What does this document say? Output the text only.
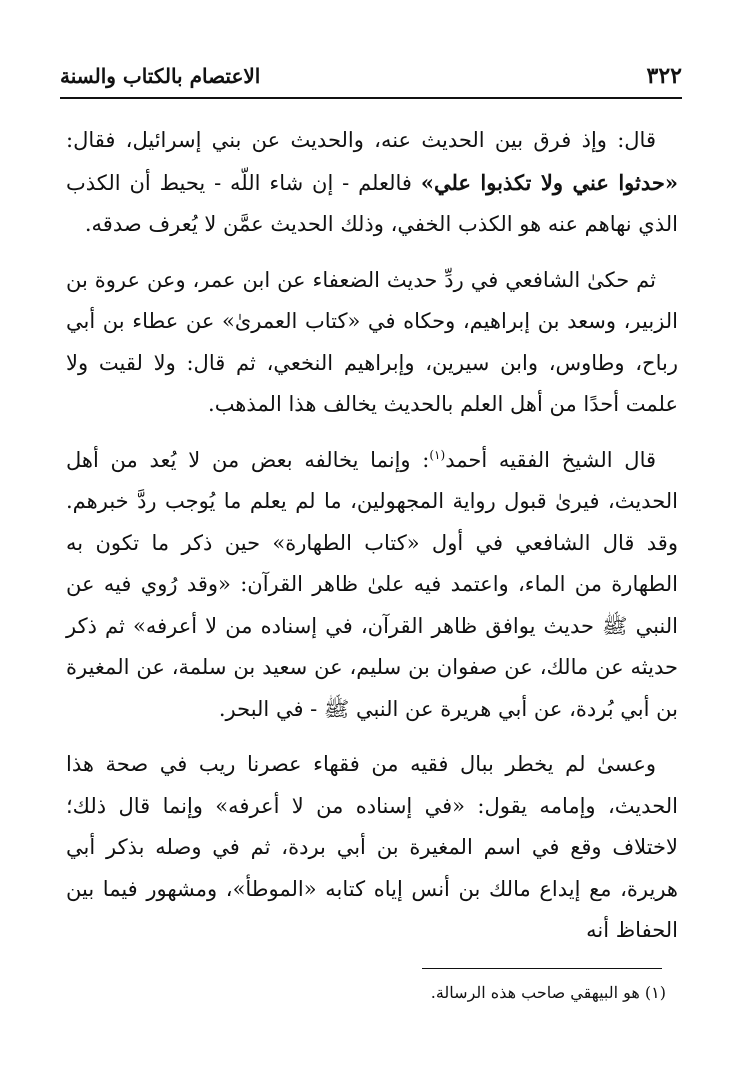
٣٢٢
الاعتصام بالكتاب والسنة

قال: وإذ فرق بين الحديث عنه، والحديث عن بني إسرائيل، فقال: «حدثوا عني ولا تكذبوا علي» فالعلم - إن شاء اللّه - يحيط أن الكذب الذي نهاهم عنه هو الكذب الخفي، وذلك الحديث عمَّن لا يُعرف صدقه.

ثم حكىٰ الشافعي في ردِّ حديث الضعفاء عن ابن عمر، وعن عروة بن الزبير، وسعد بن إبراهيم، وحكاه في «كتاب العمرىٰ» عن عطاء بن أبي رباح، وطاوس، وابن سيرين، وإبراهيم النخعي، ثم قال: ولا لقيت ولا علمت أحدًا من أهل العلم بالحديث يخالف هذا المذهب.

قال الشيخ الفقيه أحمد$^{(١)}$: وإنما يخالفه بعض من لا يُعد من أهل الحديث، فيرىٰ قبول رواية المجهولين، ما لم يعلم ما يُوجب ردَّ خبرهم. وقد قال الشافعي في أول «كتاب الطهارة» حين ذكر ما تكون به الطهارة من الماء، واعتمد فيه علىٰ ظاهر القرآن: «وقد رُوي فيه عن النبي ﷺ حديث يوافق ظاهر القرآن، في إسناده من لا أعرفه» ثم ذكر حديثه عن مالك، عن صفوان بن سليم، عن سعيد بن سلمة، عن المغيرة بن أبي بُردة، عن أبي هريرة عن النبي ﷺ - في البحر.

وعسىٰ لم يخطر ببال فقيه من فقهاء عصرنا ريب في صحة هذا الحديث، وإمامه يقول: «في إسناده من لا أعرفه» وإنما قال ذلك؛ لاختلاف وقع في اسم المغيرة بن أبي بردة، ثم في وصله بذكر أبي هريرة، مع إيداع مالك بن أنس إياه كتابه «الموطأ»، ومشهور فيما بين الحفاظ أنه

(١) هو البيهقي صاحب هذه الرسالة.
